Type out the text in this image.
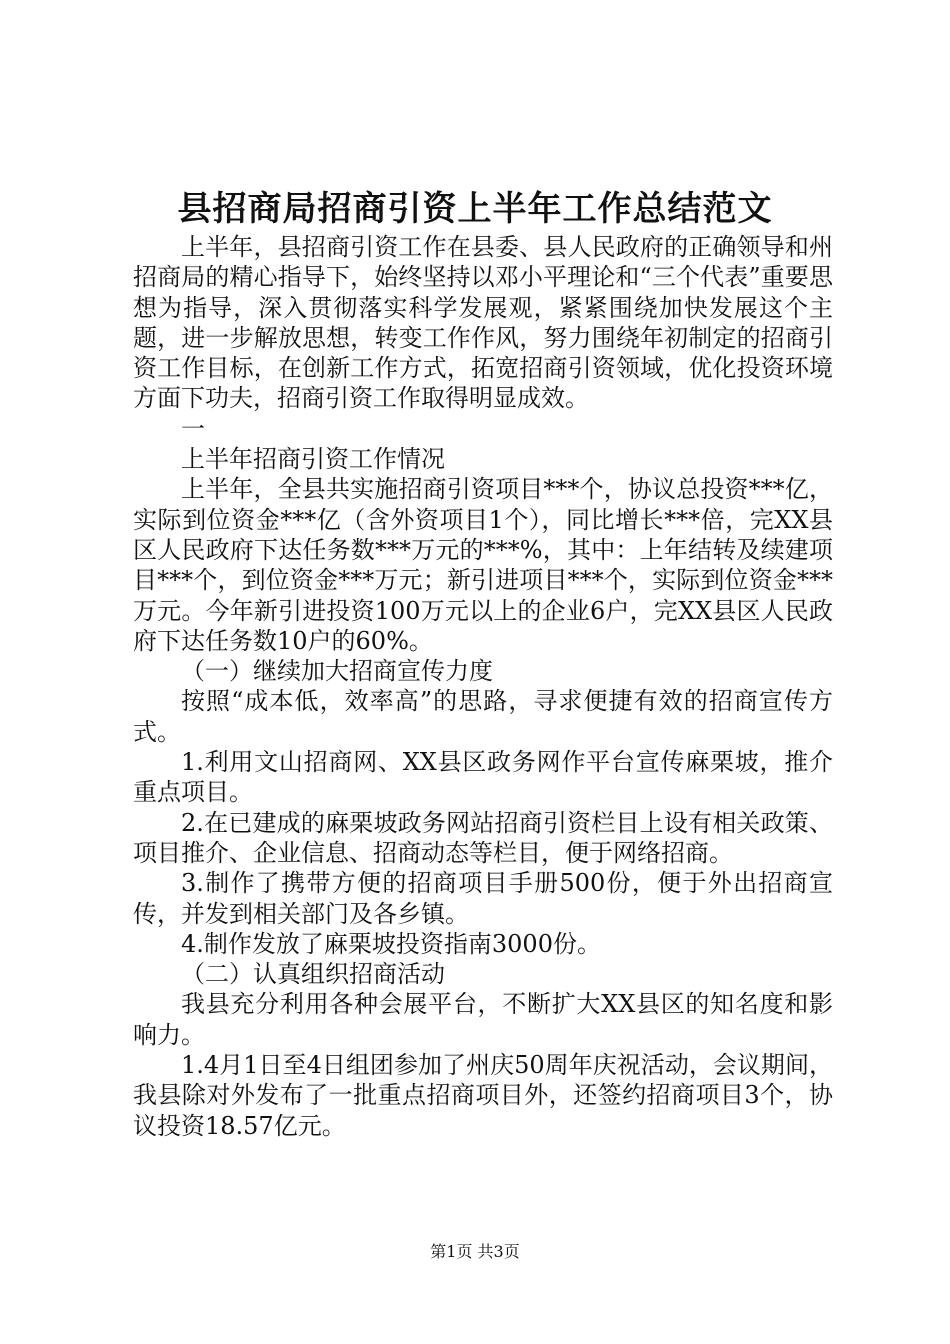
县招商局招商引资上半年工作总结范文

上半年，县招商引资工作在县委、县人民政府的正确领导和州招商局的精心指导下，始终坚持以邓小平理论和“三个代表”重要思想为指导，深入贯彻落实科学发展观，紧紧围绕加快发展这个主题，进一步解放思想，转变工作作风，努力围绕年初制定的招商引资工作目标，在创新工作方式，拓宽招商引资领域，优化投资环境方面下功夫，招商引资工作取得明显成效。

一

上半年招商引资工作情况

上半年，全县共实施招商引资项目***个，协议总投资***亿，实际到位资金***亿（含外资项目1个），同比增长***倍，完XX县区人民政府下达任务数***万元的***%，其中：上年结转及续建项目***个，到位资金***万元；新引进项目***个，实际到位资金***万元。今年新引进投资100万元以上的企业6户，完XX县区人民政府下达任务数10户的60%。

（一）继续加大招商宣传力度

按照“成本低，效率高”的思路，寻求便捷有效的招商宣传方式。

1.利用文山招商网、XX县区政务网作平台宣传麻栗坡，推介重点项目。

2.在已建成的麻栗坡政务网站招商引资栏目上设有相关政策、项目推介、企业信息、招商动态等栏目，便于网络招商。

3.制作了携带方便的招商项目手册500份，便于外出招商宣传，并发到相关部门及各乡镇。

4.制作发放了麻栗坡投资指南3000份。

（二）认真组织招商活动

我县充分利用各种会展平台，不断扩大XX县区的知名度和影响力。

1.4月1日至4日组团参加了州庆50周年庆祝活动，会议期间，我县除对外发布了一批重点招商项目外，还签约招商项目3个，协议投资18.57亿元。

第1页 共3页
